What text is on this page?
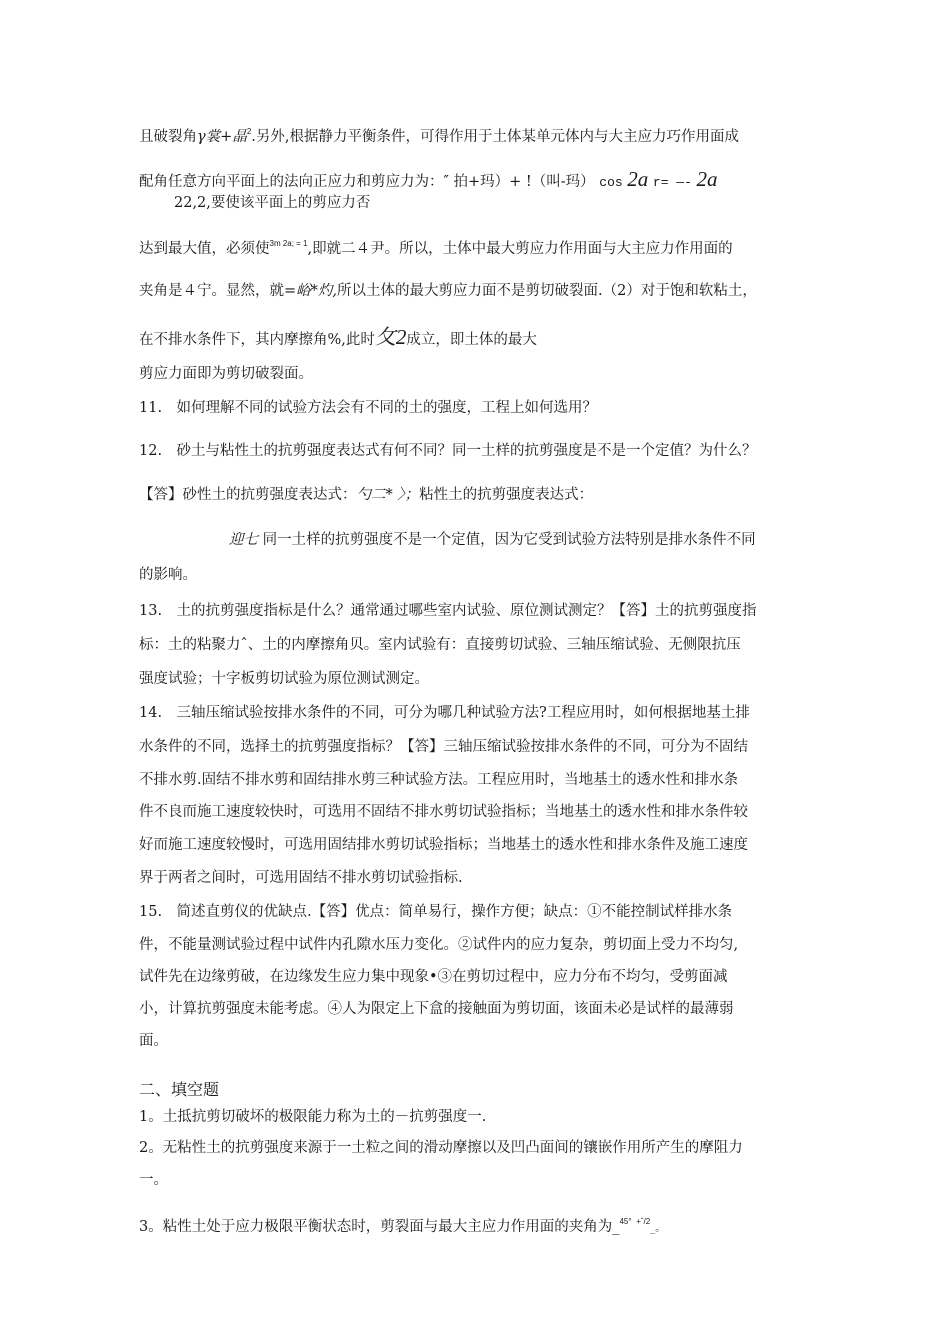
且破裂角γ裳+晶$^2$.另外,根据静力平衡条件，可得作用于土体某单元体内与大主应力巧作用面成
配角任意方向平面上的法向正应力和剪应力为：″ 拍+玛）+ !（叫-玛） cos 2a r= —- 2a
22,2,要使该平面上的剪应力否
达到最大值，必须使$^{3m 2a; = 1}$,即就二４尹。所以，土体中最大剪应力作用面与大主应力作用面的
夹角是４宁。显然，就=峪*灼,所以土体的最大剪应力面不是剪切破裂面.（2）对于饱和软粘土，
在不排水条件下，其内摩擦角%,此时攵2成立，即土体的最大
剪应力面即为剪切破裂面。
11.　如何理解不同的试验方法会有不同的土的强度，工程上如何选用？
12.　砂土与粘性土的抗剪强度表达式有何不同？同一土样的抗剪强度是不是一个定值？为什么？
【答】砂性土的抗剪强度表达式：勺二* 〉；粘性土的抗剪强度表达式：
迎七 同一土样的抗剪强度不是一个定值，因为它受到试验方法特别是排水条件不同
的影响。
13.　土的抗剪强度指标是什么？通常通过哪些室内试验、原位测试测定？【答】土的抗剪强度指
标：土的粘聚力ˆ、土的内摩擦角贝。室内试验有：直接剪切试验、三轴压缩试验、无侧限抗压
强度试验；十字板剪切试验为原位测试测定。
14.　三轴压缩试验按排水条件的不同，可分为哪几种试验方法?工程应用时，如何根据地基土排
水条件的不同，选择土的抗剪强度指标？【答】三轴压缩试验按排水条件的不同，可分为不固结
不排水剪.固结不排水剪和固结排水剪三种试验方法。工程应用时，当地基土的透水性和排水条
件不良而施工速度较快时，可选用不固结不排水剪切试验指标；当地基土的透水性和排水条件较
好而施工速度较慢时，可选用固结排水剪切试验指标；当地基土的透水性和排水条件及施工速度
界于两者之间时，可选用固结不排水剪切试验指标.
15.　简述直剪仪的优缺点.【答】优点：简单易行，操作方便；缺点：①不能控制试样排水条
件，不能量测试验过程中试件内孔隙水压力变化。②试件内的应力复杂，剪切面上受力不均匀,
试件先在边缘剪破，在边缘发生应力集中现象•③在剪切过程中，应力分布不均匀，受剪面减
小，计算抗剪强度未能考虑。④人为限定上下盒的接触面为剪切面，该面未必是试样的最薄弱
面。
二、填空题
1。土抵抗剪切破坏的极限能力称为土的－抗剪强度一.
2。无粘性土的抗剪强度来源于一土粒之间的滑动摩擦以及凹凸面间的镶嵌作用所产生的摩阻力
一。
3。粘性土处于应力极限平衡状态时，剪裂面与最大主应力作用面的夹角为_$^{45^\circ}$ $^{+ˆ/2}$_。
